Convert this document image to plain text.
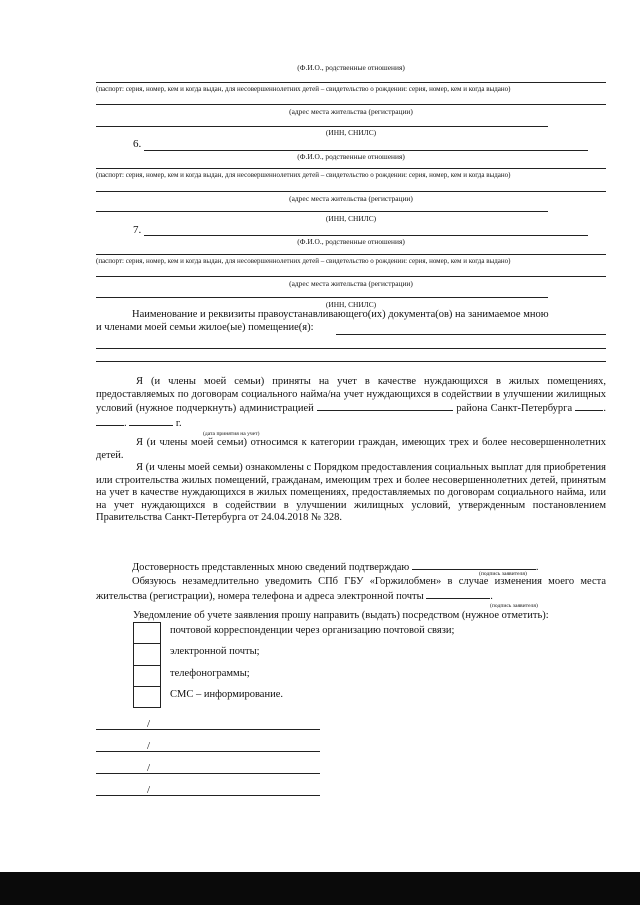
(Ф.И.О., родственные отношения)
(паспорт: серия, номер, кем и когда выдан, для несовершеннолетних детей – свидетельство о рождении: серия, номер, кем и когда выдано)
(адрес места жительства (регистрации)
(ИНН, СНИЛС)
6.
(Ф.И.О., родственные отношения)
(паспорт: серия, номер, кем и когда выдан, для несовершеннолетних детей – свидетельство о рождении: серия, номер, кем и когда выдано)
(адрес места жительства (регистрации)
(ИНН, СНИЛС)
7.
(Ф.И.О., родственные отношения)
(паспорт: серия, номер, кем и когда выдан, для несовершеннолетних детей – свидетельство о рождении: серия, номер, кем и когда выдано)
(адрес места жительства (регистрации)
(ИНН, СНИЛС)
Наименование и реквизиты правоустанавливающего(их) документа(ов) на занимаемое мною
и членами моей семьи жилое(ые) помещение(я):
Я (и члены моей семьи) приняты на учет в качестве нуждающихся в жилых помещениях, предоставляемых по договорам социального найма/на учет нуждающихся в содействии в улучшении жилищных условий (нужное подчеркнуть) администрацией	района Санкт-Петербурга	. .	г.
(дата принятия на учет)
Я (и члены моей семьи) относимся к категории граждан, имеющих трех и более несовершеннолетних детей.
Я (и члены моей семьи) ознакомлены с Порядком предоставления социальных выплат для приобретения или строительства жилых помещений, гражданам, имеющим трех и более несовершеннолетних детей, принятым на учет в качестве нуждающихся в жилых помещениях, предоставляемых по договорам социального найма, или на учет нуждающихся в содействии в улучшении жилищных условий, утвержденным постановлением Правительства Санкт-Петербурга от 24.04.2018 № 328.
Достоверность представленных мною сведений подтверждаю	.
(подпись заявителя)
Обязуюсь незамедлительно уведомить СПб ГБУ «Горжилобмен» в случае изменения моего места жительства (регистрации), номера телефона и адреса электронной почты	.
(подпись заявителя)
Уведомление об учете заявления прошу направить (выдать) посредством (нужное отметить):
почтовой корреспонденции через организацию почтовой связи;
электронной почты;
телефонограммы;
СМС – информирование.
/
/
/
/
